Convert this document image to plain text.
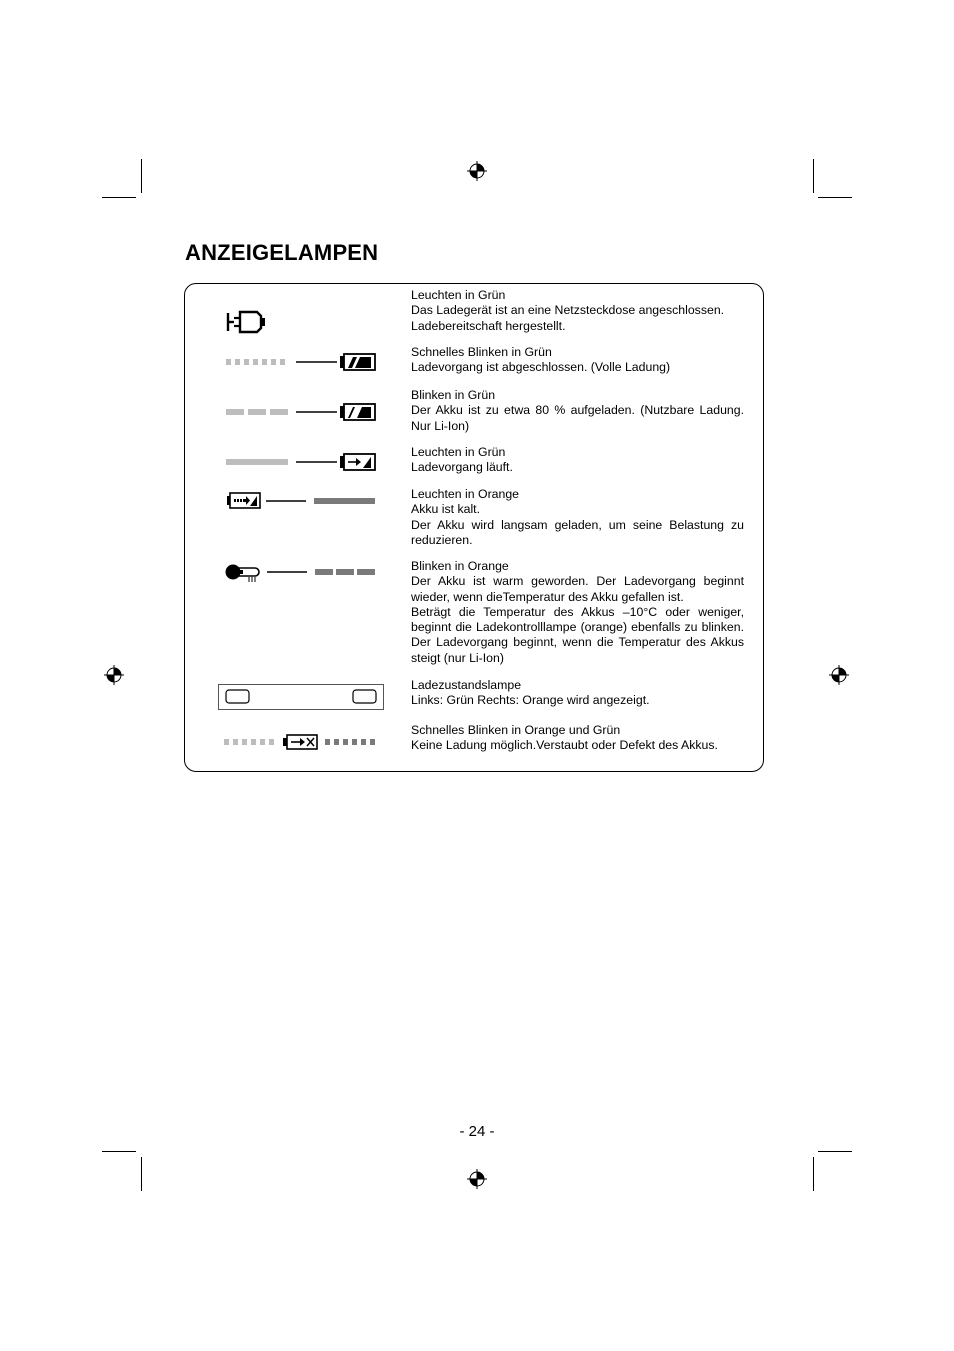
ANZEIGELAMPEN
Leuchten in Grün
Das Ladegerät ist an eine Netzsteckdose angeschlossen.
Ladebereitschaft hergestellt.
Schnelles Blinken in Grün
Ladevorgang ist abgeschlossen. (Volle Ladung)
Blinken in Grün
Der Akku ist zu etwa 80 % aufgeladen. (Nutzbare Ladung. Nur Li-Ion)
Leuchten in Grün
Ladevorgang läuft.
Leuchten in Orange
Akku ist kalt.
Der Akku wird langsam geladen, um seine Belastung zu reduzieren.
Blinken in Orange
Der Akku ist warm geworden. Der Ladevorgang beginnt wieder, wenn dieTemperatur des Akku gefallen ist.
Beträgt die Temperatur des Akkus –10°C oder weniger, beginnt die Ladekontrolllampe (orange) ebenfalls zu blinken. Der Ladevorgang beginnt, wenn die Temperatur des Akkus steigt (nur Li-Ion)
Ladezustandslampe
Links: Grün Rechts: Orange wird angezeigt.
Schnelles Blinken in Orange und Grün
Keine Ladung möglich.Verstaubt oder Defekt des Akkus.
- 24 -
